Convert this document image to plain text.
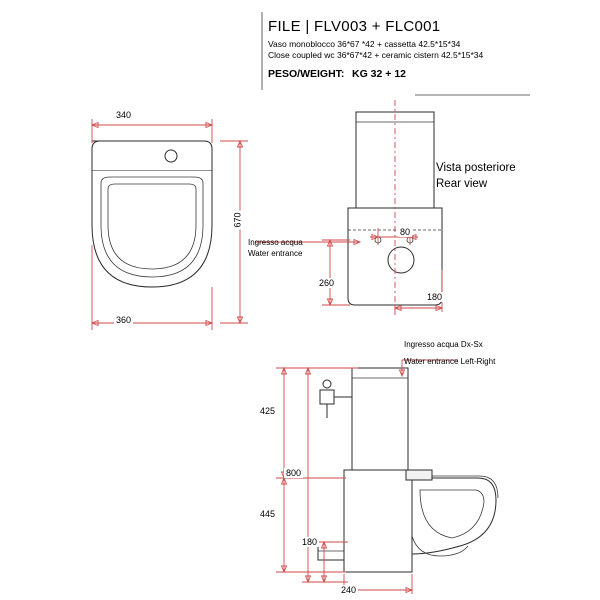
FILE | FLV003 + FLC001
Vaso monoblocco 36*67 *42 + cassetta 42.5*15*34
Close coupled wc 36*67*42 + ceramic cistern 42.5*15*34
PESO/WEIGHT: KG 32 + 12
340
360
670
80
260
180
Ingresso acqua
Water entrance
Vista posteriore
Rear view
425
445
800
180
240
Ingresso acqua Dx-Sx
Water entrance Left-Right
